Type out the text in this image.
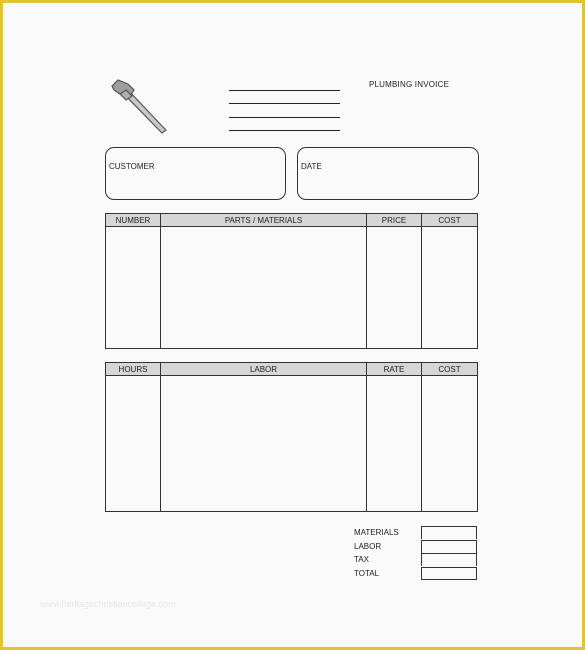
PLUMBING INVOICE
CUSTOMER	DATE
NUMBER	PARTS / MATERIALS	PRICE	COST

HOURS	LABOR	RATE	COST

MATERIALS
LABOR
TAX
TOTAL
www.heritagechristiancollege.com
